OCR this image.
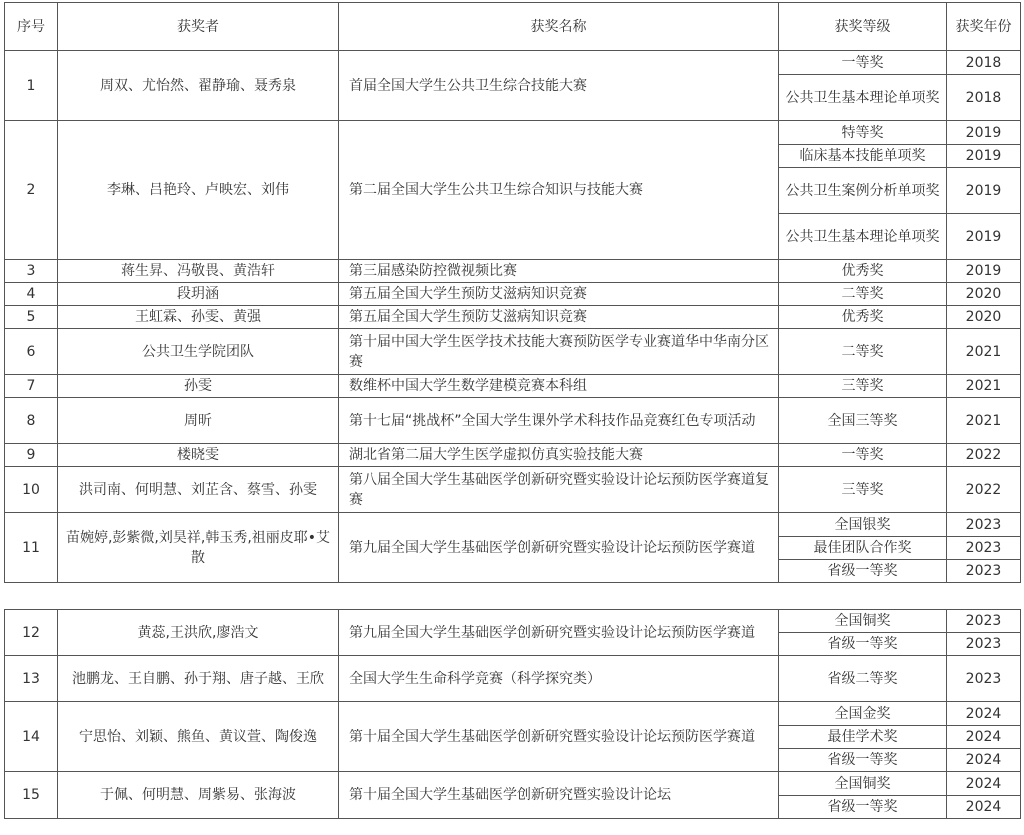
序号	获奖者	获奖名称	获奖等级	获奖年份
1	周双、尤怡然、翟静瑜、聂秀泉	首届全国大学生公共卫生综合技能大赛	一等奖	2018
			公共卫生基本理论单项奖	2018
2	李琳、吕艳玲、卢映宏、刘伟	第二届全国大学生公共卫生综合知识与技能大赛	特等奖	2019
			临床基本技能单项奖	2019
			公共卫生案例分析单项奖	2019
			公共卫生基本理论单项奖	2019
3	蒋生昇、冯敬畏、黄浩轩	第三届感染防控微视频比赛	优秀奖	2019
4	段玥涵	第五届全国大学生预防艾滋病知识竞赛	二等奖	2020
5	王虹霖、孙雯、黄强	第五届全国大学生预防艾滋病知识竞赛	优秀奖	2020
6	公共卫生学院团队	第十届中国大学生医学技术技能大赛预防医学专业赛道华中华南分区赛	二等奖	2021
7	孙雯	数维杯中国大学生数学建模竞赛本科组	三等奖	2021
8	周昕	第十七届“挑战杯”全国大学生课外学术科技作品竞赛红色专项活动	全国三等奖	2021
9	楼晓雯	湖北省第二届大学生医学虚拟仿真实验技能大赛	一等奖	2022
10	洪司南、何明慧、刘芷含、蔡雪、孙雯	第八届全国大学生基础医学创新研究暨实验设计论坛预防医学赛道复赛	三等奖	2022
11	苗婉婷,彭紫微,刘昊祥,韩玉秀,祖丽皮耶•艾散	第九届全国大学生基础医学创新研究暨实验设计论坛预防医学赛道	全国银奖	2023
			最佳团队合作奖	2023
			省级一等奖	2023
12	黄蕊,王洪欣,廖浩文	第九届全国大学生基础医学创新研究暨实验设计论坛预防医学赛道	全国铜奖	2023
			省级一等奖	2023
13	池鹏龙、王自鹏、孙于翔、唐子越、王欣	全国大学生生命科学竞赛（科学探究类）	省级二等奖	2023
14	宁思怡、刘颖、熊鱼、黄议萱、陶俊逸	第十届全国大学生基础医学创新研究暨实验设计论坛预防医学赛道	全国金奖	2024
			最佳学术奖	2024
			省级一等奖	2024
15	于佩、何明慧、周紫易、张海波	第十届全国大学生基础医学创新研究暨实验设计论坛	全国铜奖	2024
			省级一等奖	2024
